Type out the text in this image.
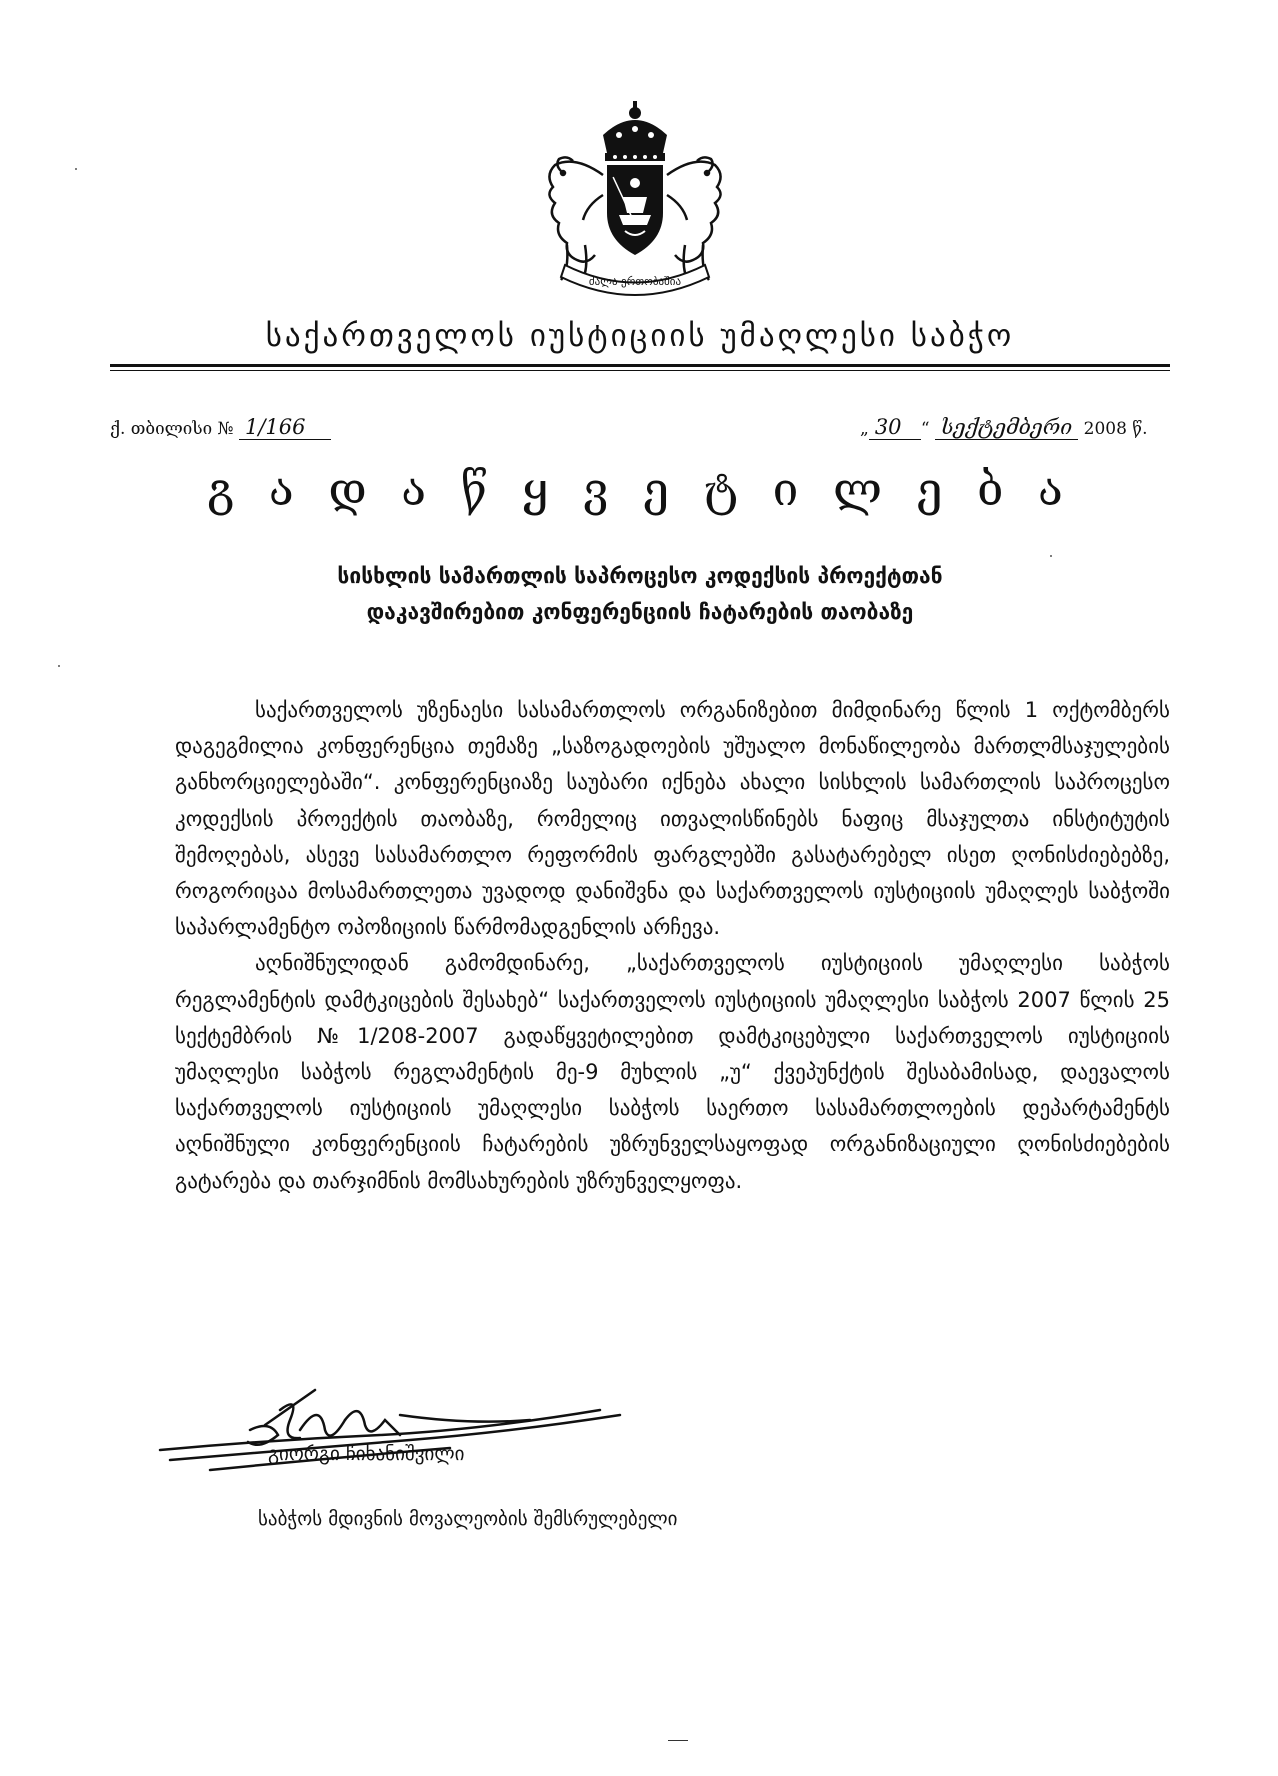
ძალა ერთობაშია
საქართველოს იუსტიციის უმაღლესი საბჭო
ქ. თბილისი № 1/166	„ 30 “ სექტემბერი 2008 წ.
გ ა დ ა წ ყ ვ ე ტ ი ლ ე ბ ა
სისხლის სამართლის საპროცესო კოდექსის პროექტთან
დაკავშირებით კონფერენციის ჩატარების თაობაზე

საქართველოს უზენაესი სასამართლოს ორგანიზებით მიმდინარე წლის 1 ოქტომბერს დაგეგმილია კონფერენცია თემაზე „საზოგადოების უშუალო მონაწილეობა მართლმსაჯულების განხორციელებაში“. კონფერენციაზე საუბარი იქნება ახალი სისხლის სამართლის საპროცესო კოდექსის პროექტის თაობაზე, რომელიც ითვალისწინებს ნაფიც მსაჯულთა ინსტიტუტის შემოღებას, ასევე სასამართლო რეფორმის ფარგლებში გასატარებელ ისეთ ღონისძიებებზე, როგორიცაა მოსამართლეთა უვადოდ დანიშვნა და საქართველოს იუსტიციის უმაღლეს საბჭოში საპარლამენტო ოპოზიციის წარმომადგენლის არჩევა.

აღნიშნულიდან გამომდინარე, „საქართველოს იუსტიციის უმაღლესი საბჭოს რეგლამენტის დამტკიცების შესახებ“ საქართველოს იუსტიციის უმაღლესი საბჭოს 2007 წლის 25 სექტემბრის №1/208-2007 გადაწყვეტილებით დამტკიცებული საქართველოს იუსტიციის უმაღლესი საბჭოს რეგლამენტის მე-9 მუხლის „უ“ ქვეპუნქტის შესაბამისად, დაევალოს საქართველოს იუსტიციის უმაღლესი საბჭოს საერთო სასამართლოების დეპარტამენტს აღნიშნული კონფერენციის ჩატარების უზრუნველსაყოფად ორგანიზაციული ღონისძიებების გატარება და თარჯიმნის მომსახურების უზრუნველყოფა.

გიორგი ჩიხანიშვილი
საბჭოს მდივნის მოვალეობის შემსრულებელი
